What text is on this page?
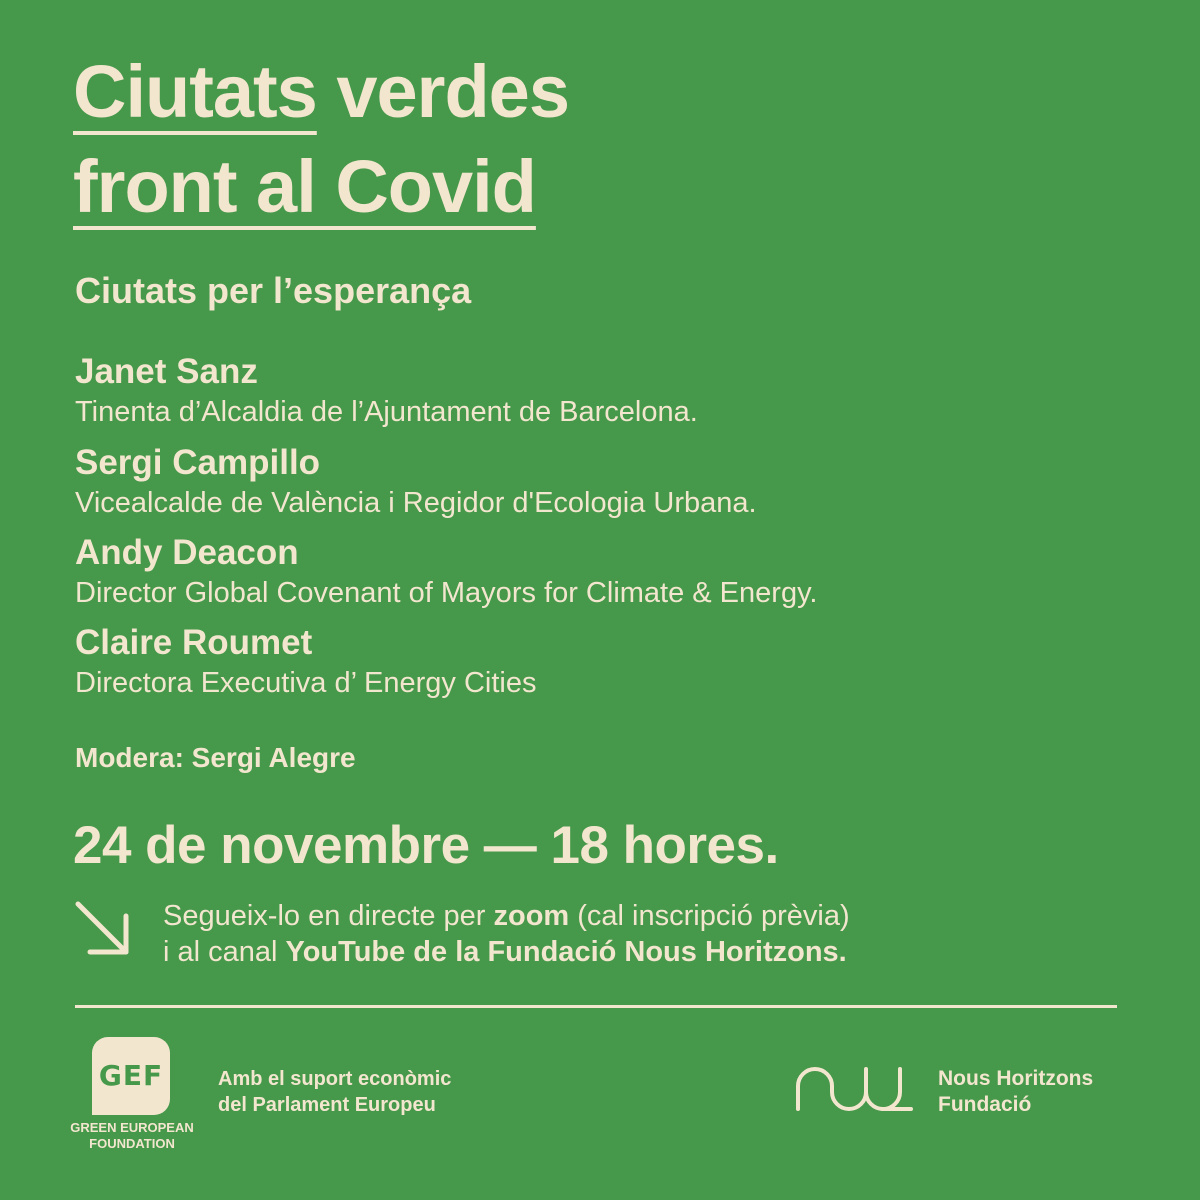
Ciutats verdes
front al Covid
Ciutats per l’esperança
Janet Sanz
Tinenta d’Alcaldia de l’Ajuntament de Barcelona.
Sergi Campillo
Vicealcalde de València i Regidor d'Ecologia Urbana.
Andy Deacon
Director Global Covenant of Mayors for Climate & Energy.
Claire Roumet
Directora Executiva d’ Energy Cities
Modera: Sergi Alegre
24 de novembre — 18 hores.
Segueix-lo en directe per zoom (cal inscripció prèvia)
i al canal YouTube de la Fundació Nous Horitzons.
GEF
GREEN EUROPEAN
FOUNDATION
Amb el suport econòmic
del Parlament Europeu
Nous Horitzons
Fundació
